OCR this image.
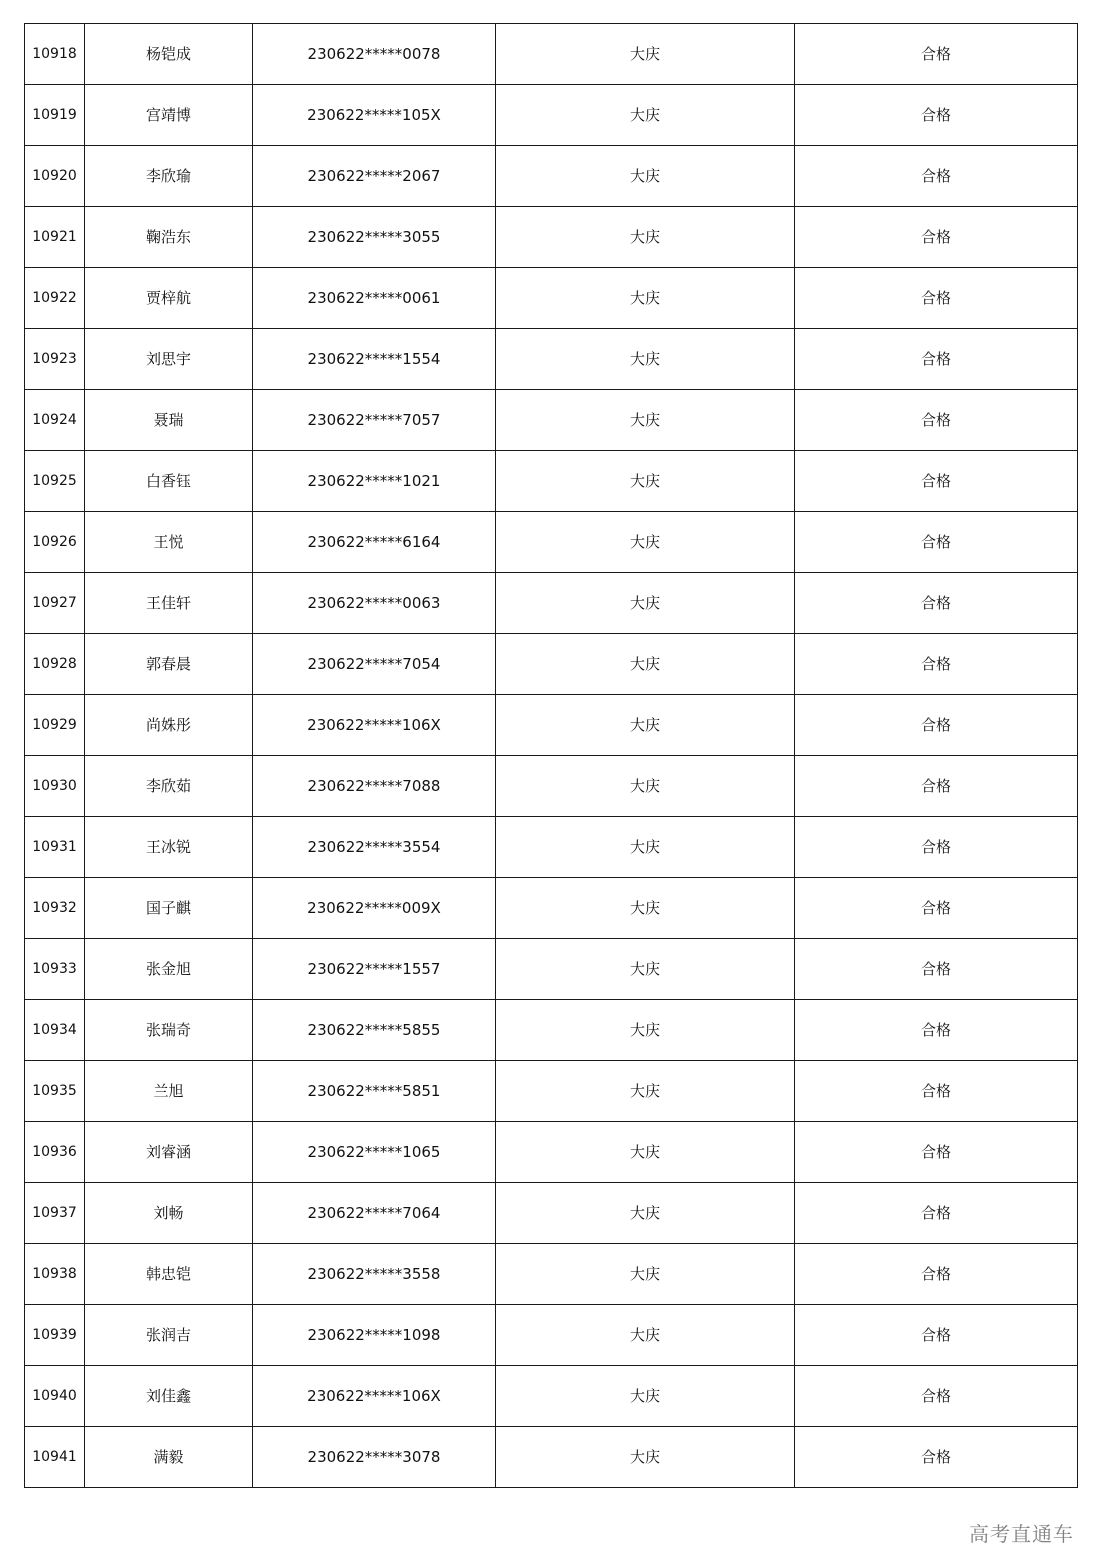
10918	杨铠成	230622*****0078	大庆	合格
10919	宫靖博	230622*****105X	大庆	合格
10920	李欣瑜	230622*****2067	大庆	合格
10921	鞠浩东	230622*****3055	大庆	合格
10922	贾梓航	230622*****0061	大庆	合格
10923	刘思宇	230622*****1554	大庆	合格
10924	聂瑞	230622*****7057	大庆	合格
10925	白香钰	230622*****1021	大庆	合格
10926	王悦	230622*****6164	大庆	合格
10927	王佳轩	230622*****0063	大庆	合格
10928	郭春晨	230622*****7054	大庆	合格
10929	尚姝彤	230622*****106X	大庆	合格
10930	李欣茹	230622*****7088	大庆	合格
10931	王冰锐	230622*****3554	大庆	合格
10932	国子麒	230622*****009X	大庆	合格
10933	张金旭	230622*****1557	大庆	合格
10934	张瑞奇	230622*****5855	大庆	合格
10935	兰旭	230622*****5851	大庆	合格
10936	刘睿涵	230622*****1065	大庆	合格
10937	刘畅	230622*****7064	大庆	合格
10938	韩忠铠	230622*****3558	大庆	合格
10939	张润吉	230622*****1098	大庆	合格
10940	刘佳鑫	230622*****106X	大庆	合格
10941	满毅	230622*****3078	大庆	合格
高考直通车
